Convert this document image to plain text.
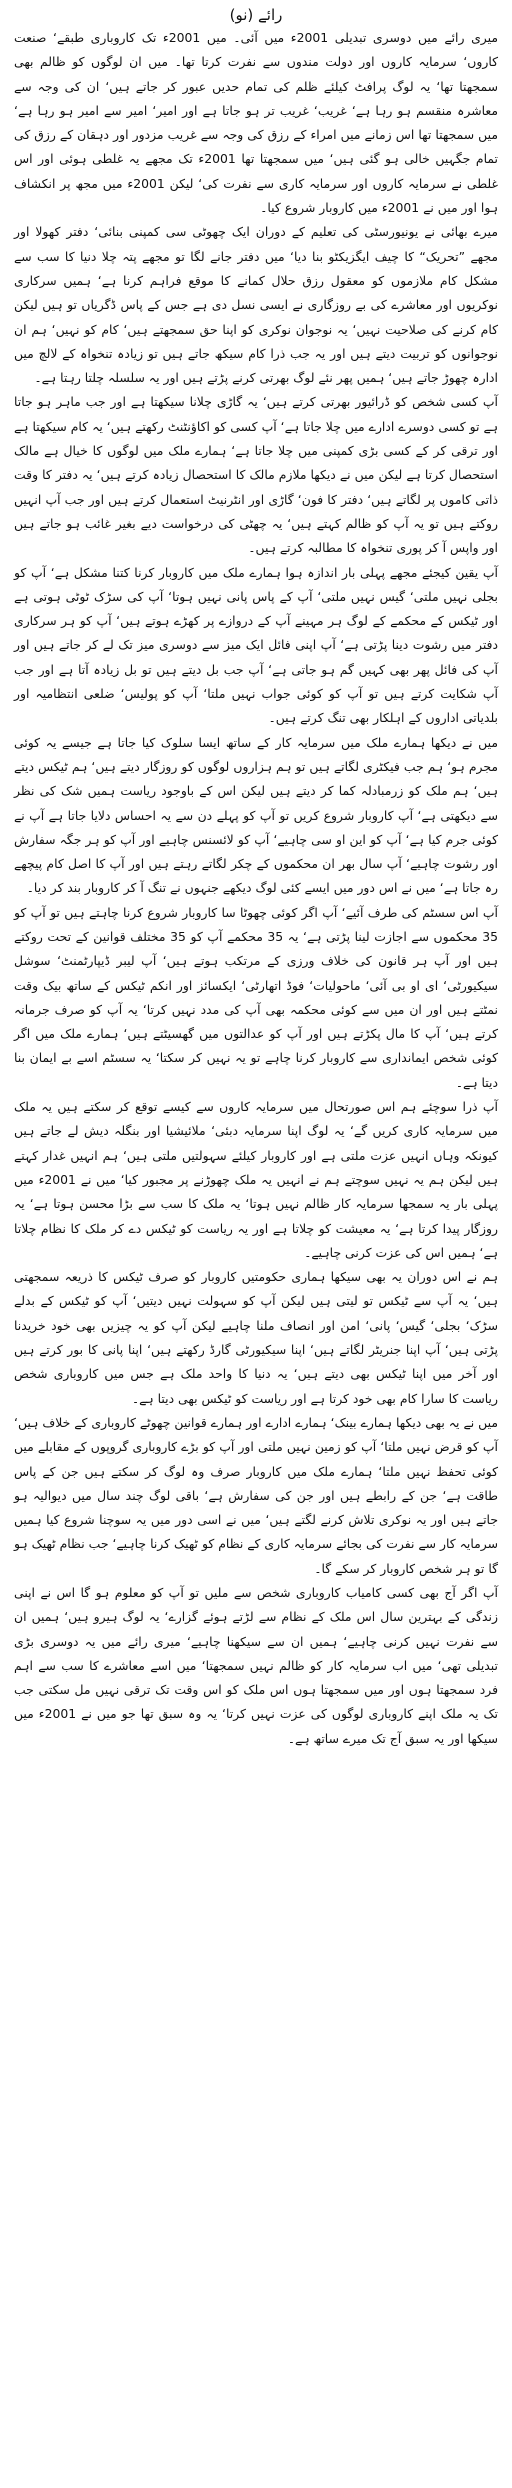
رائے (نو)

میری رائے میں دوسری تبدیلی 2001ء میں آئی۔ میں 2001ء تک کاروباری طبقے‘ صنعت کاروں‘ سرمایہ کاروں اور دولت مندوں سے نفرت کرتا تھا۔ میں ان لوگوں کو ظالم بھی سمجھتا تھا‘ یہ لوگ پرافٹ کیلئے ظلم کی تمام حدیں عبور کر جاتے ہیں‘ ان کی وجہ سے معاشرہ منقسم ہو رہا ہے‘ غریب‘ غریب تر ہو جاتا ہے اور امیر‘ امیر سے امیر ہو رہا ہے‘ میں سمجھتا تھا اس زمانے میں امراء کے رزق کی وجہ سے غریب مزدور اور دہقان کے رزق کی تمام جگہیں خالی ہو گئی ہیں‘ میں سمجھتا تھا 2001ء تک مجھے یہ غلطی ہوئی اور اس غلطی نے سرمایہ کاروں اور سرمایہ کاری سے نفرت کی‘ لیکن 2001ء میں مجھ پر انکشاف ہوا اور میں نے 2001ء میں کاروبار شروع کیا۔

میرے بھائی نے یونیورسٹی کی تعلیم کے دوران ایک چھوٹی سی کمپنی بنائی‘ دفتر کھولا اور مجھے ”تحریک“ کا چیف ایگزیکٹو بنا دیا‘ میں دفتر جانے لگا تو مجھے پتہ چلا دنیا کا سب سے مشکل کام ملازموں کو معقول رزق حلال کمانے کا موقع فراہم کرنا ہے‘ ہمیں سرکاری نوکریوں اور معاشرے کی بے روزگاری نے ایسی نسل دی ہے جس کے پاس ڈگریاں تو ہیں لیکن کام کرنے کی صلاحیت نہیں‘ یہ نوجوان نوکری کو اپنا حق سمجھتے ہیں‘ کام کو نہیں‘ ہم ان نوجوانوں کو تربیت دیتے ہیں اور یہ جب ذرا کام سیکھ جاتے ہیں تو زیادہ تنخواہ کے لالچ میں ادارہ چھوڑ جاتے ہیں‘ ہمیں پھر نئے لوگ بھرتی کرنے پڑتے ہیں اور یہ سلسلہ چلتا رہتا ہے۔

آپ کسی شخص کو ڈرائیور بھرتی کرتے ہیں‘ یہ گاڑی چلانا سیکھتا ہے اور جب ماہر ہو جاتا ہے تو کسی دوسرے ادارے میں چلا جاتا ہے‘ آپ کسی کو اکاؤنٹنٹ رکھتے ہیں‘ یہ کام سیکھتا ہے اور ترقی کر کے کسی بڑی کمپنی میں چلا جاتا ہے‘ ہمارے ملک میں لوگوں کا خیال ہے مالک استحصال کرتا ہے لیکن میں نے دیکھا ملازم مالک کا استحصال زیادہ کرتے ہیں‘ یہ دفتر کا وقت ذاتی کاموں پر لگاتے ہیں‘ دفتر کا فون‘ گاڑی اور انٹرنیٹ استعمال کرتے ہیں اور جب آپ انہیں روکتے ہیں تو یہ آپ کو ظالم کہتے ہیں‘ یہ چھٹی کی درخواست دیے بغیر غائب ہو جاتے ہیں اور واپس آ کر پوری تنخواہ کا مطالبہ کرتے ہیں۔

آپ یقین کیجئے مجھے پہلی بار اندازہ ہوا ہمارے ملک میں کاروبار کرنا کتنا مشکل ہے‘ آپ کو بجلی نہیں ملتی‘ گیس نہیں ملتی‘ آپ کے پاس پانی نہیں ہوتا‘ آپ کی سڑک ٹوٹی ہوتی ہے اور ٹیکس کے محکمے کے لوگ ہر مہینے آپ کے دروازے پر کھڑے ہوتے ہیں‘ آپ کو ہر سرکاری دفتر میں رشوت دینا پڑتی ہے‘ آپ اپنی فائل ایک میز سے دوسری میز تک لے کر جاتے ہیں اور آپ کی فائل پھر بھی کہیں گم ہو جاتی ہے‘ آپ جب بل دیتے ہیں تو بل زیادہ آتا ہے اور جب آپ شکایت کرتے ہیں تو آپ کو کوئی جواب نہیں ملتا‘ آپ کو پولیس‘ ضلعی انتظامیہ اور بلدیاتی اداروں کے اہلکار بھی تنگ کرتے ہیں۔

میں نے دیکھا ہمارے ملک میں سرمایہ کار کے ساتھ ایسا سلوک کیا جاتا ہے جیسے یہ کوئی مجرم ہو‘ ہم جب فیکٹری لگاتے ہیں تو ہم ہزاروں لوگوں کو روزگار دیتے ہیں‘ ہم ٹیکس دیتے ہیں‘ ہم ملک کو زرمبادلہ کما کر دیتے ہیں لیکن اس کے باوجود ریاست ہمیں شک کی نظر سے دیکھتی ہے‘ آپ کاروبار شروع کریں تو آپ کو پہلے دن سے یہ احساس دلایا جاتا ہے آپ نے کوئی جرم کیا ہے‘ آپ کو این او سی چاہیے‘ آپ کو لائسنس چاہیے اور آپ کو ہر جگہ سفارش اور رشوت چاہیے‘ آپ سال بھر ان محکموں کے چکر لگاتے رہتے ہیں اور آپ کا اصل کام پیچھے رہ جاتا ہے‘ میں نے اس دور میں ایسے کئی لوگ دیکھے جنہوں نے تنگ آ کر کاروبار بند کر دیا۔

آپ اس سسٹم کی طرف آئیے‘ آپ اگر کوئی چھوٹا سا کاروبار شروع کرنا چاہتے ہیں تو آپ کو 35 محکموں سے اجازت لینا پڑتی ہے‘ یہ 35 محکمے آپ کو 35 مختلف قوانین کے تحت روکتے ہیں اور آپ ہر قانون کی خلاف ورزی کے مرتکب ہوتے ہیں‘ آپ لیبر ڈیپارٹمنٹ‘ سوشل سیکیورٹی‘ ای او بی آئی‘ ماحولیات‘ فوڈ اتھارٹی‘ ایکسائز اور انکم ٹیکس کے ساتھ بیک وقت نمٹتے ہیں اور ان میں سے کوئی محکمہ بھی آپ کی مدد نہیں کرتا‘ یہ آپ کو صرف جرمانہ کرتے ہیں‘ آپ کا مال پکڑتے ہیں اور آپ کو عدالتوں میں گھسیٹتے ہیں‘ ہمارے ملک میں اگر کوئی شخص ایمانداری سے کاروبار کرنا چاہے تو یہ نہیں کر سکتا‘ یہ سسٹم اسے بے ایمان بنا دیتا ہے۔

آپ ذرا سوچئے ہم اس صورتحال میں سرمایہ کاروں سے کیسے توقع کر سکتے ہیں یہ ملک میں سرمایہ کاری کریں گے‘ یہ لوگ اپنا سرمایہ دبئی‘ ملائیشیا اور بنگلہ دیش لے جاتے ہیں کیونکہ وہاں انہیں عزت ملتی ہے اور کاروبار کیلئے سہولتیں ملتی ہیں‘ ہم انہیں غدار کہتے ہیں لیکن ہم یہ نہیں سوچتے ہم نے انہیں یہ ملک چھوڑنے پر مجبور کیا‘ میں نے 2001ء میں پہلی بار یہ سمجھا سرمایہ کار ظالم نہیں ہوتا‘ یہ ملک کا سب سے بڑا محسن ہوتا ہے‘ یہ روزگار پیدا کرتا ہے‘ یہ معیشت کو چلاتا ہے اور یہ ریاست کو ٹیکس دے کر ملک کا نظام چلاتا ہے‘ ہمیں اس کی عزت کرنی چاہیے۔

ہم نے اس دوران یہ بھی سیکھا ہماری حکومتیں کاروبار کو صرف ٹیکس کا ذریعہ سمجھتی ہیں‘ یہ آپ سے ٹیکس تو لیتی ہیں لیکن آپ کو سہولت نہیں دیتیں‘ آپ کو ٹیکس کے بدلے سڑک‘ بجلی‘ گیس‘ پانی‘ امن اور انصاف ملنا چاہیے لیکن آپ کو یہ چیزیں بھی خود خریدنا پڑتی ہیں‘ آپ اپنا جنریٹر لگاتے ہیں‘ اپنا سیکیورٹی گارڈ رکھتے ہیں‘ اپنا پانی کا بور کرتے ہیں اور آخر میں اپنا ٹیکس بھی دیتے ہیں‘ یہ دنیا کا واحد ملک ہے جس میں کاروباری شخص ریاست کا سارا کام بھی خود کرتا ہے اور ریاست کو ٹیکس بھی دیتا ہے۔

میں نے یہ بھی دیکھا ہمارے بینک‘ ہمارے ادارے اور ہمارے قوانین چھوٹے کاروباری کے خلاف ہیں‘ آپ کو قرض نہیں ملتا‘ آپ کو زمین نہیں ملتی اور آپ کو بڑے کاروباری گروپوں کے مقابلے میں کوئی تحفظ نہیں ملتا‘ ہمارے ملک میں کاروبار صرف وہ لوگ کر سکتے ہیں جن کے پاس طاقت ہے‘ جن کے رابطے ہیں اور جن کی سفارش ہے‘ باقی لوگ چند سال میں دیوالیہ ہو جاتے ہیں اور یہ نوکری تلاش کرنے لگتے ہیں‘ میں نے اسی دور میں یہ سوچنا شروع کیا ہمیں سرمایہ کار سے نفرت کی بجائے سرمایہ کاری کے نظام کو ٹھیک کرنا چاہیے‘ جب نظام ٹھیک ہو گا تو ہر شخص کاروبار کر سکے گا۔

آپ اگر آج بھی کسی کامیاب کاروباری شخص سے ملیں تو آپ کو معلوم ہو گا اس نے اپنی زندگی کے بہترین سال اس ملک کے نظام سے لڑتے ہوئے گزارے‘ یہ لوگ ہیرو ہیں‘ ہمیں ان سے نفرت نہیں کرنی چاہیے‘ ہمیں ان سے سیکھنا چاہیے‘ میری رائے میں یہ دوسری بڑی تبدیلی تھی‘ میں اب سرمایہ کار کو ظالم نہیں سمجھتا‘ میں اسے معاشرے کا سب سے اہم فرد سمجھتا ہوں اور میں سمجھتا ہوں اس ملک کو اس وقت تک ترقی نہیں مل سکتی جب تک یہ ملک اپنے کاروباری لوگوں کی عزت نہیں کرتا‘ یہ وہ سبق تھا جو میں نے 2001ء میں سیکھا اور یہ سبق آج تک میرے ساتھ ہے۔
